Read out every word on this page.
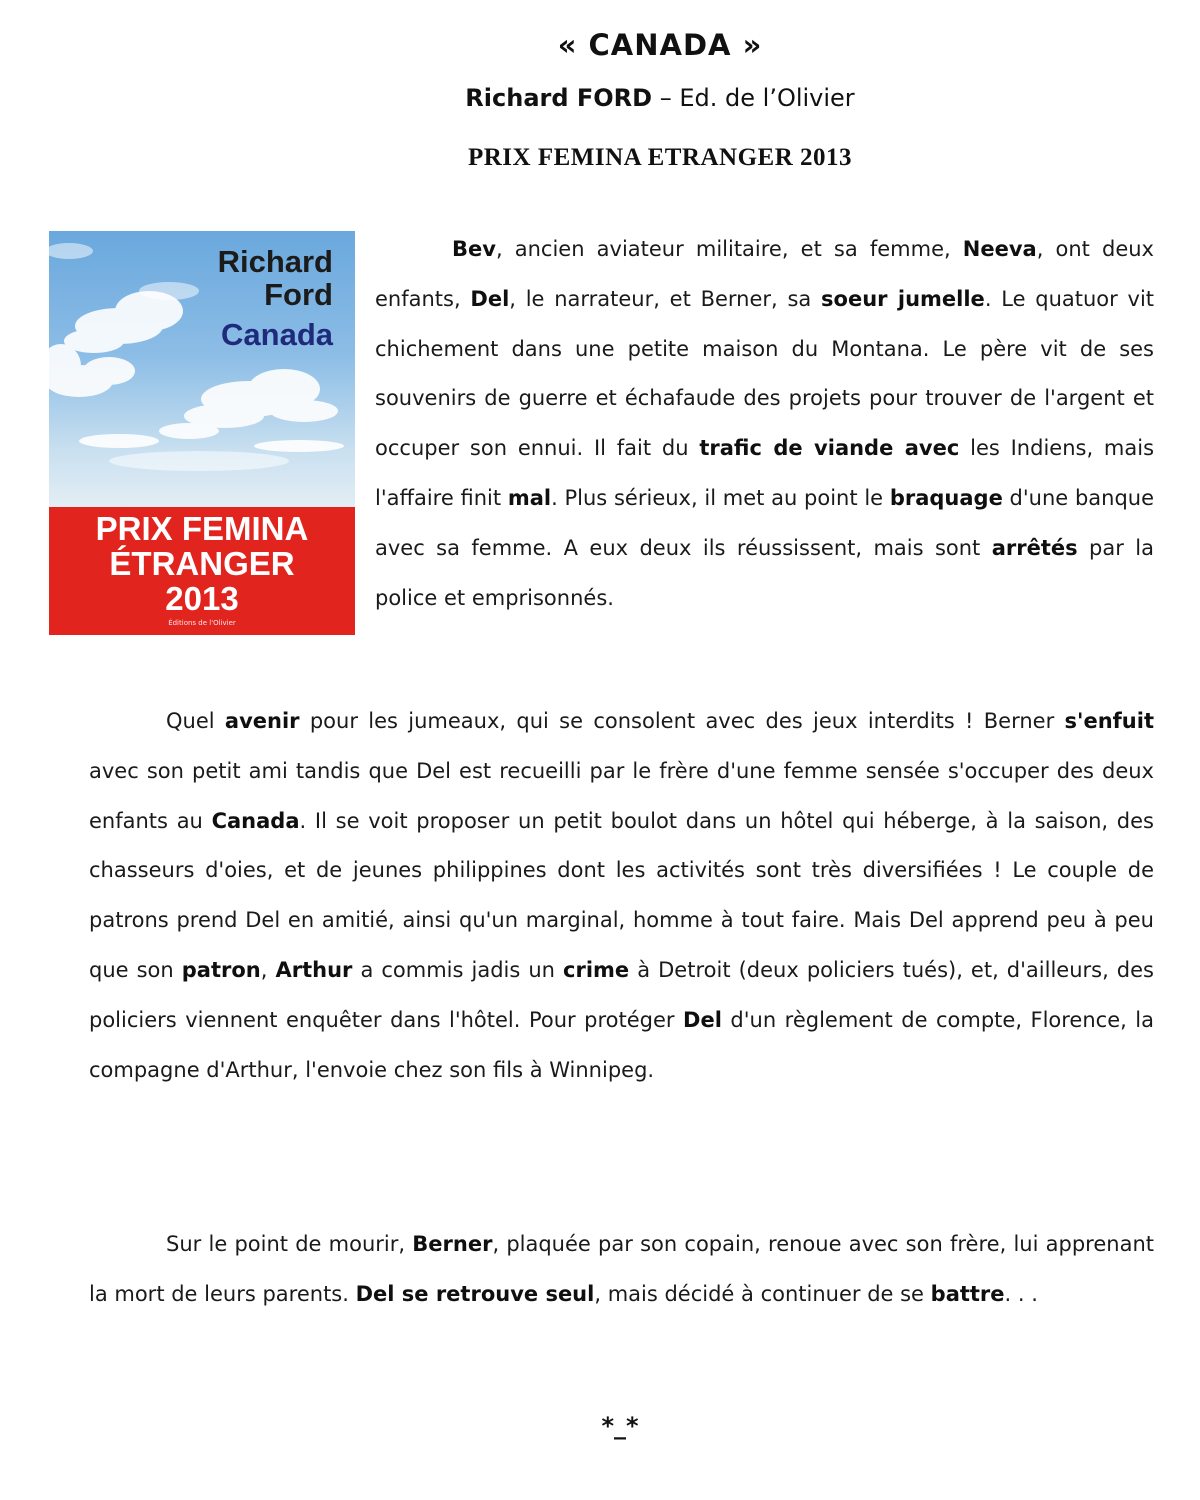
« CANADA »
Richard FORD – Ed. de l’Olivier
PRIX FEMINA ETRANGER 2013
Richard
Ford
Canada
PRIX FEMINA
ÉTRANGER
2013
Éditions de l'Olivier

Bev, ancien aviateur militaire, et sa femme, Neeva, ont deux enfants, Del, le narrateur, et Berner, sa soeur jumelle. Le quatuor vit chichement dans une petite maison du Montana. Le père vit de ses souvenirs de guerre et échafaude des projets pour trouver de l'argent et occuper son ennui. Il fait du trafic de viande avec les Indiens, mais l'affaire finit mal. Plus sérieux, il met au point le braquage d'une banque avec sa femme. A eux deux ils réussissent, mais sont arrêtés par la police et emprisonnés.

Quel avenir pour les jumeaux, qui se consolent avec des jeux interdits ! Berner s'enfuit avec son petit ami tandis que Del est recueilli par le frère d'une femme sensée s'occuper des deux enfants au Canada. Il se voit proposer un petit boulot dans un hôtel qui héberge, à la saison, des chasseurs d'oies, et de jeunes philippines dont les activités sont très diversifiées ! Le couple de patrons prend Del en amitié, ainsi qu'un marginal, homme à tout faire. Mais Del apprend peu à peu que son patron, Arthur a commis jadis un crime à Detroit (deux policiers tués), et, d'ailleurs, des policiers viennent enquêter dans l'hôtel. Pour protéger Del d'un règlement de compte, Florence, la compagne d'Arthur, l'envoie chez son fils à Winnipeg.

Sur le point de mourir, Berner, plaquée par son copain, renoue avec son frère, lui apprenant la mort de leurs parents. Del se retrouve seul, mais décidé à continuer de se battre. . .

*_*
